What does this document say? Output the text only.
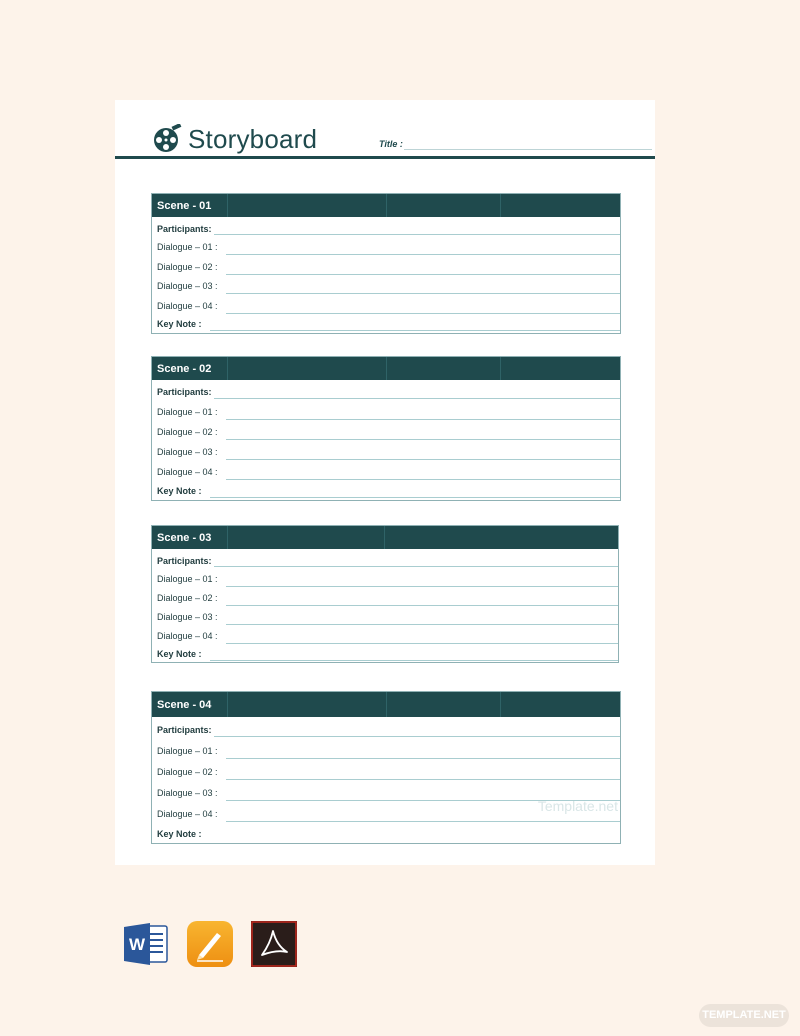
Storyboard	Title :
Scene - 01
Participants:
Dialogue – 01 :
Dialogue – 02 :
Dialogue – 03 :
Dialogue – 04 :
Key Note :
Scene - 02
Participants:
Dialogue – 01 :
Dialogue – 02 :
Dialogue – 03 :
Dialogue – 04 :
Key Note :
Scene - 03
Participants:
Dialogue – 01 :
Dialogue – 02 :
Dialogue – 03 :
Dialogue – 04 :
Key Note :
Scene - 04
Participants:
Dialogue – 01 :
Dialogue – 02 :
Dialogue – 03 :
Dialogue – 04 :	Template.net
Key Note :
W
TEMPLATE.NET
